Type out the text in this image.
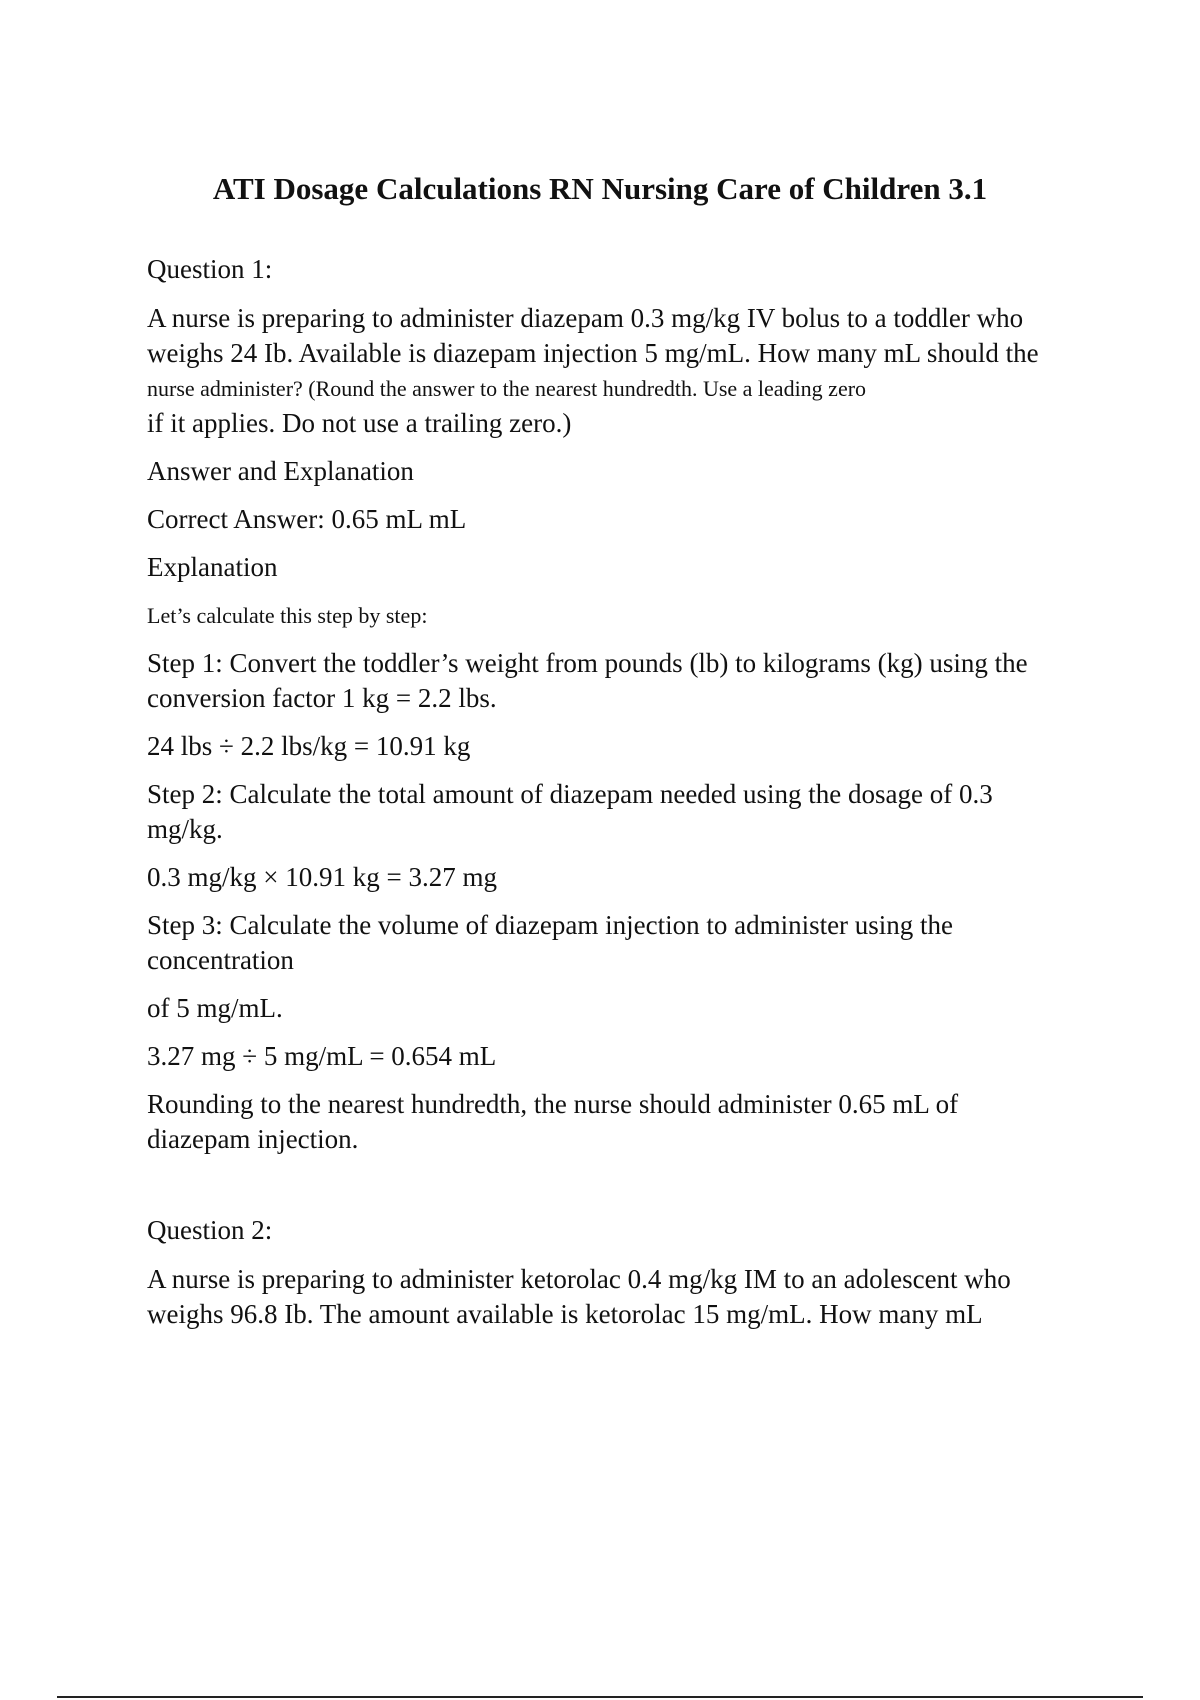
ATI Dosage Calculations RN Nursing Care of Children 3.1

Question 1:

A nurse is preparing to administer diazepam 0.3 mg/kg IV bolus to a toddler who
weighs 24 Ib. Available is diazepam injection 5 mg/mL. How many mL should the
nurse administer? (Round the answer to the nearest hundredth. Use a leading zero
if it applies. Do not use a trailing zero.)

Answer and Explanation

Correct Answer: 0.65 mL mL

Explanation

Let’s calculate this step by step:

Step 1: Convert the toddler’s weight from pounds (lb) to kilograms (kg) using the
conversion factor 1 kg = 2.2 lbs.

24 lbs ÷ 2.2 lbs/kg = 10.91 kg

Step 2: Calculate the total amount of diazepam needed using the dosage of 0.3
mg/kg.

0.3 mg/kg × 10.91 kg = 3.27 mg

Step 3: Calculate the volume of diazepam injection to administer using the
concentration

of 5 mg/mL.

3.27 mg ÷ 5 mg/mL = 0.654 mL

Rounding to the nearest hundredth, the nurse should administer 0.65 mL of
diazepam injection.

Question 2:

A nurse is preparing to administer ketorolac 0.4 mg/kg IM to an adolescent who
weighs 96.8 Ib. The amount available is ketorolac 15 mg/mL. How many mL
